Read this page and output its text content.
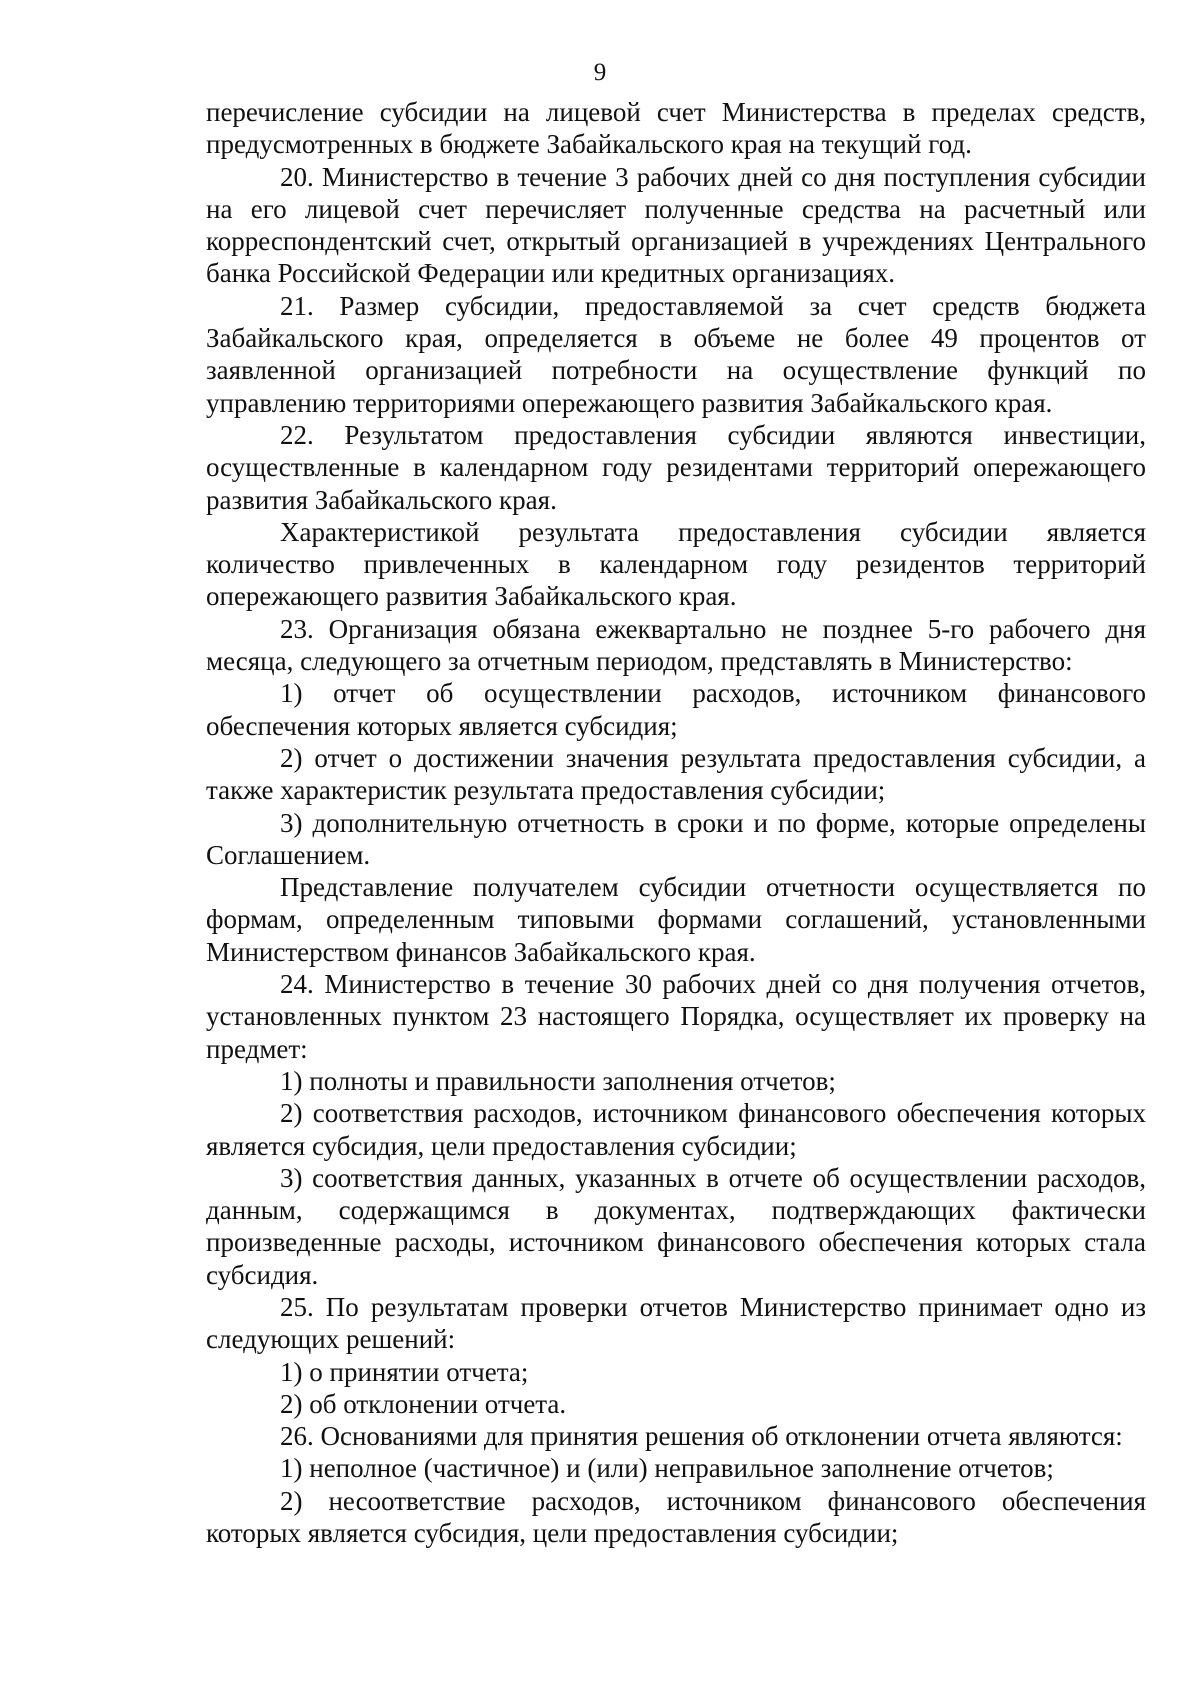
9

перечисление субсидии на лицевой счет Министерства в пределах средств, предусмотренных в бюджете Забайкальского края на текущий год.

20. Министерство в течение 3 рабочих дней со дня поступления субсидии на его лицевой счет перечисляет полученные средства на расчетный или корреспондентский счет, открытый организацией в учреждениях Центрального банка Российской Федерации или кредитных организациях.

21. Размер субсидии, предоставляемой за счет средств бюджета Забайкальского края, определяется в объеме не более 49 процентов от заявленной организацией потребности на осуществление функций по управлению территориями опережающего развития Забайкальского края.

22. Результатом предоставления субсидии являются инвестиции, осуществленные в календарном году резидентами территорий опережающего развития Забайкальского края.

Характеристикой результата предоставления субсидии является количество привлеченных в календарном году резидентов территорий опережающего развития Забайкальского края.

23. Организация обязана ежеквартально не позднее 5-го рабочего дня месяца, следующего за отчетным периодом, представлять в Министерство:

1) отчет об осуществлении расходов, источником финансового обеспечения которых является субсидия;

2) отчет о достижении значения результата предоставления субсидии, а также характеристик результата предоставления субсидии;

3) дополнительную отчетность в сроки и по форме, которые определены Соглашением.

Представление получателем субсидии отчетности осуществляется по формам, определенным типовыми формами соглашений, установленными Министерством финансов Забайкальского края.

24. Министерство в течение 30 рабочих дней со дня получения отчетов, установленных пунктом 23 настоящего Порядка, осуществляет их проверку на предмет:

1) полноты и правильности заполнения отчетов;

2) соответствия расходов, источником финансового обеспечения которых является субсидия, цели предоставления субсидии;

3) соответствия данных, указанных в отчете об осуществлении расходов, данным, содержащимся в документах, подтверждающих фактически произведенные расходы, источником финансового обеспечения которых стала субсидия.

25. По результатам проверки отчетов Министерство принимает одно из следующих решений:

1) о принятии отчета;

2) об отклонении отчета.

26. Основаниями для принятия решения об отклонении отчета являются:

1) неполное (частичное) и (или) неправильное заполнение отчетов;

2) несоответствие расходов, источником финансового обеспечения которых является субсидия, цели предоставления субсидии;
